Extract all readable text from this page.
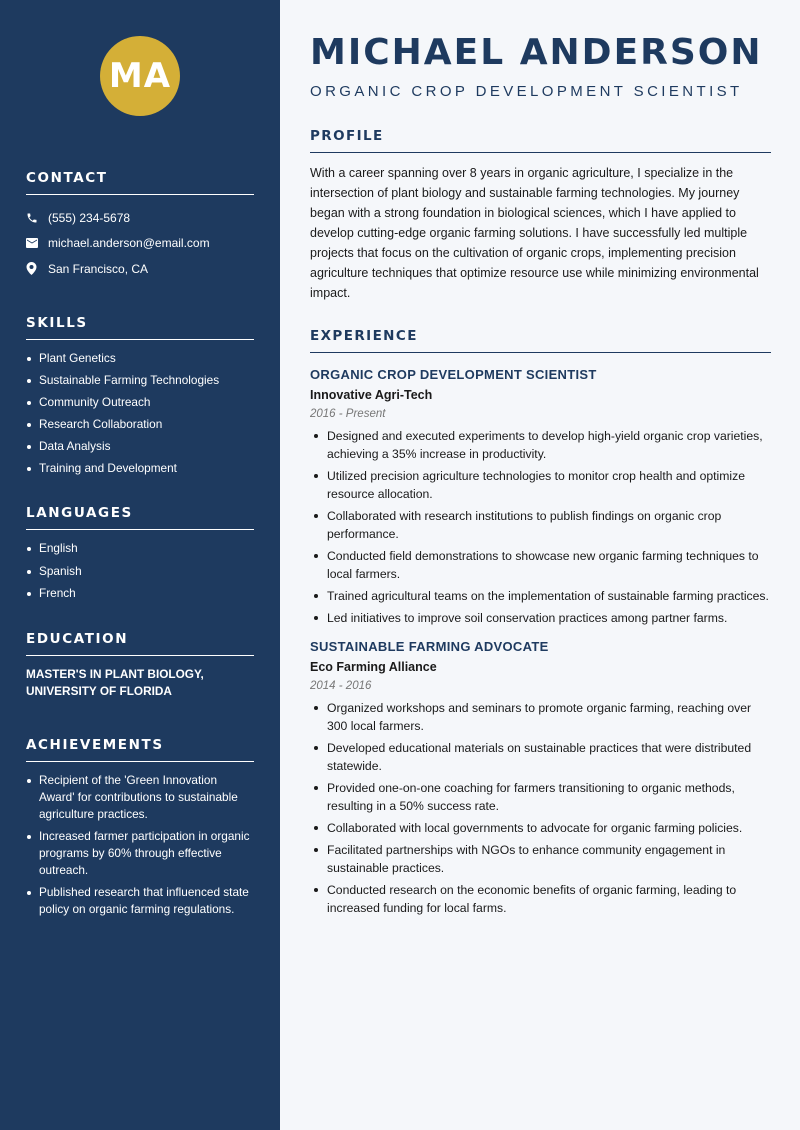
MA
CONTACT
(555) 234-5678
michael.anderson@email.com
San Francisco, CA
SKILLS
Plant Genetics
Sustainable Farming Technologies
Community Outreach
Research Collaboration
Data Analysis
Training and Development
LANGUAGES
English
Spanish
French
EDUCATION
MASTER'S IN PLANT BIOLOGY,
UNIVERSITY OF FLORIDA
ACHIEVEMENTS
Recipient of the 'Green Innovation Award' for contributions to sustainable agriculture practices.
Increased farmer participation in organic programs by 60% through effective outreach.
Published research that influenced state policy on organic farming regulations.
MICHAEL ANDERSON
ORGANIC CROP DEVELOPMENT SCIENTIST
PROFILE
With a career spanning over 8 years in organic agriculture, I specialize in the intersection of plant biology and sustainable farming technologies. My journey began with a strong foundation in biological sciences, which I have applied to develop cutting-edge organic farming solutions. I have successfully led multiple projects that focus on the cultivation of organic crops, implementing precision agriculture techniques that optimize resource use while minimizing environmental impact.
EXPERIENCE
ORGANIC CROP DEVELOPMENT SCIENTIST
Innovative Agri-Tech
2016 - Present
Designed and executed experiments to develop high-yield organic crop varieties, achieving a 35% increase in productivity.
Utilized precision agriculture technologies to monitor crop health and optimize resource allocation.
Collaborated with research institutions to publish findings on organic crop performance.
Conducted field demonstrations to showcase new organic farming techniques to local farmers.
Trained agricultural teams on the implementation of sustainable farming practices.
Led initiatives to improve soil conservation practices among partner farms.
SUSTAINABLE FARMING ADVOCATE
Eco Farming Alliance
2014 - 2016
Organized workshops and seminars to promote organic farming, reaching over 300 local farmers.
Developed educational materials on sustainable practices that were distributed statewide.
Provided one-on-one coaching for farmers transitioning to organic methods, resulting in a 50% success rate.
Collaborated with local governments to advocate for organic farming policies.
Facilitated partnerships with NGOs to enhance community engagement in sustainable practices.
Conducted research on the economic benefits of organic farming, leading to increased funding for local farms.
